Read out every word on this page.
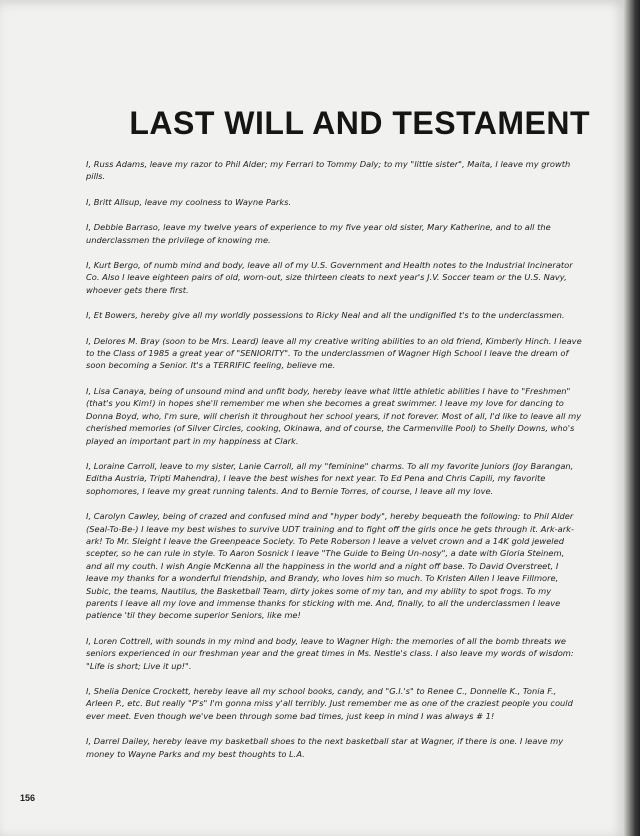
LAST WILL AND TESTAMENT

I, Russ Adams, leave my razor to Phil Alder; my Ferrari to Tommy Daly; to my "little sister", Maita, I leave my growth pills.

I, Britt Allsup, leave my coolness to Wayne Parks.

I, Debbie Barraso, leave my twelve years of experience to my five year old sister, Mary Katherine, and to all the underclassmen the privilege of knowing me.

I, Kurt Bergo, of numb mind and body, leave all of my U.S. Government and Health notes to the Industrial Incinerator Co. Also I leave eighteen pairs of old, worn-out, size thirteen cleats to next year's J.V. Soccer team or the U.S. Navy, whoever gets there first.

I, Et Bowers, hereby give all my worldly possessions to Ricky Neal and all the undignified t's to the underclassmen.

I, Delores M. Bray (soon to be Mrs. Leard) leave all my creative writing abilities to an old friend, Kimberly Hinch. I leave to the Class of 1985 a great year of "SENIORITY". To the underclassmen of Wagner High School I leave the dream of soon becoming a Senior. It's a TERRIFIC feeling, believe me.

I, Lisa Canaya, being of unsound mind and unfit body, hereby leave what little athletic abilities I have to "Freshmen" (that's you Kim!) in hopes she'll remember me when she becomes a great swimmer. I leave my love for dancing to Donna Boyd, who, I'm sure, will cherish it throughout her school years, if not forever. Most of all, I'd like to leave all my cherished memories (of Silver Circles, cooking, Okinawa, and of course, the Carmenville Pool) to Shelly Downs, who's played an important part in my happiness at Clark.

I, Loraine Carroll, leave to my sister, Lanie Carroll, all my "feminine" charms. To all my favorite Juniors (Joy Barangan, Editha Austria, Tripti Mahendra), I leave the best wishes for next year. To Ed Pena and Chris Capili, my favorite sophomores, I leave my great running talents. And to Bernie Torres, of course, I leave all my love.

I, Carolyn Cawley, being of crazed and confused mind and "hyper body", hereby bequeath the following: to Phil Alder (Seal-To-Be-) I leave my best wishes to survive UDT training and to fight off the girls once he gets through it. Ark-ark-ark! To Mr. Sleight I leave the Greenpeace Society. To Pete Roberson I leave a velvet crown and a 14K gold jeweled scepter, so he can rule in style. To Aaron Sosnick I leave "The Guide to Being Un-nosy", a date with Gloria Steinem, and all my couth. I wish Angie McKenna all the happiness in the world and a night off base. To David Overstreet, I leave my thanks for a wonderful friendship, and Brandy, who loves him so much. To Kristen Allen I leave Fillmore, Subic, the teams, Nautilus, the Basketball Team, dirty jokes some of my tan, and my ability to spot frogs. To my parents I leave all my love and immense thanks for sticking with me. And, finally, to all the underclassmen I leave patience 'til they become superior Seniors, like me!

I, Loren Cottrell, with sounds in my mind and body, leave to Wagner High: the memories of all the bomb threats we seniors experienced in our freshman year and the great times in Ms. Nestle's class. I also leave my words of wisdom: "Life is short; Live it up!".

I, Shelia Denice Crockett, hereby leave all my school books, candy, and "G.I.'s" to Renee C., Donnelle K., Tonia F., Arleen P., etc. But really "P's" I'm gonna miss y'all terribly. Just remember me as one of the craziest people you could ever meet. Even though we've been through some bad times, just keep in mind I was always # 1!

I, Darrel Dailey, hereby leave my basketball shoes to the next basketball star at Wagner, if there is one. I leave my money to Wayne Parks and my best thoughts to L.A.

156
